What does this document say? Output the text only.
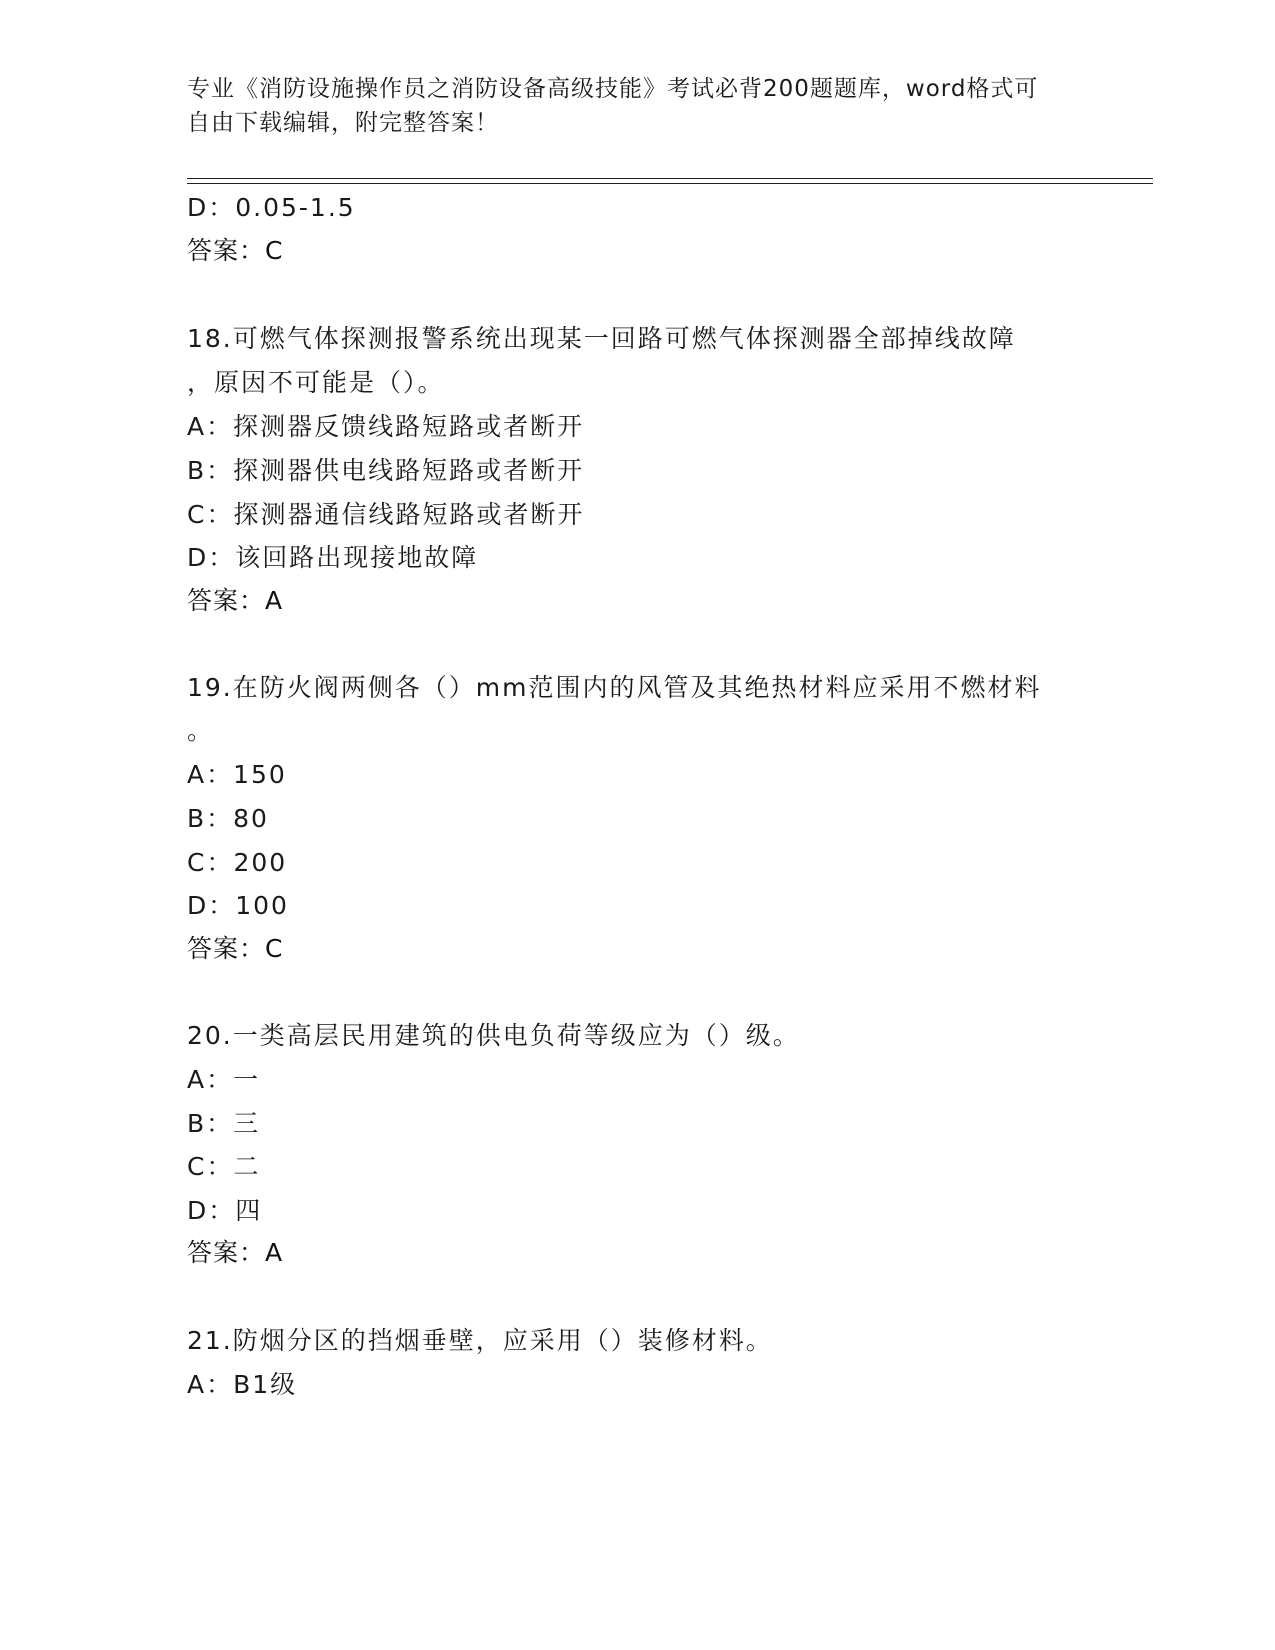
专业《消防设施操作员之消防设备高级技能》考试必背200题题库，word格式可
自由下载编辑，附完整答案！
D：0.05-1.5
答案：C
18.可燃气体探测报警系统出现某一回路可燃气体探测器全部掉线故障
，原因不可能是（）。
A：探测器反馈线路短路或者断开
B：探测器供电线路短路或者断开
C：探测器通信线路短路或者断开
D：该回路出现接地故障
答案：A
19.在防火阀两侧各（）mm范围内的风管及其绝热材料应采用不燃材料
。
A：150
B：80
C：200
D：100
答案：C
20.一类高层民用建筑的供电负荷等级应为（）级。
A：一
B：三
C：二
D：四
答案：A
21.防烟分区的挡烟垂壁，应采用（）装修材料。
A：B1级
